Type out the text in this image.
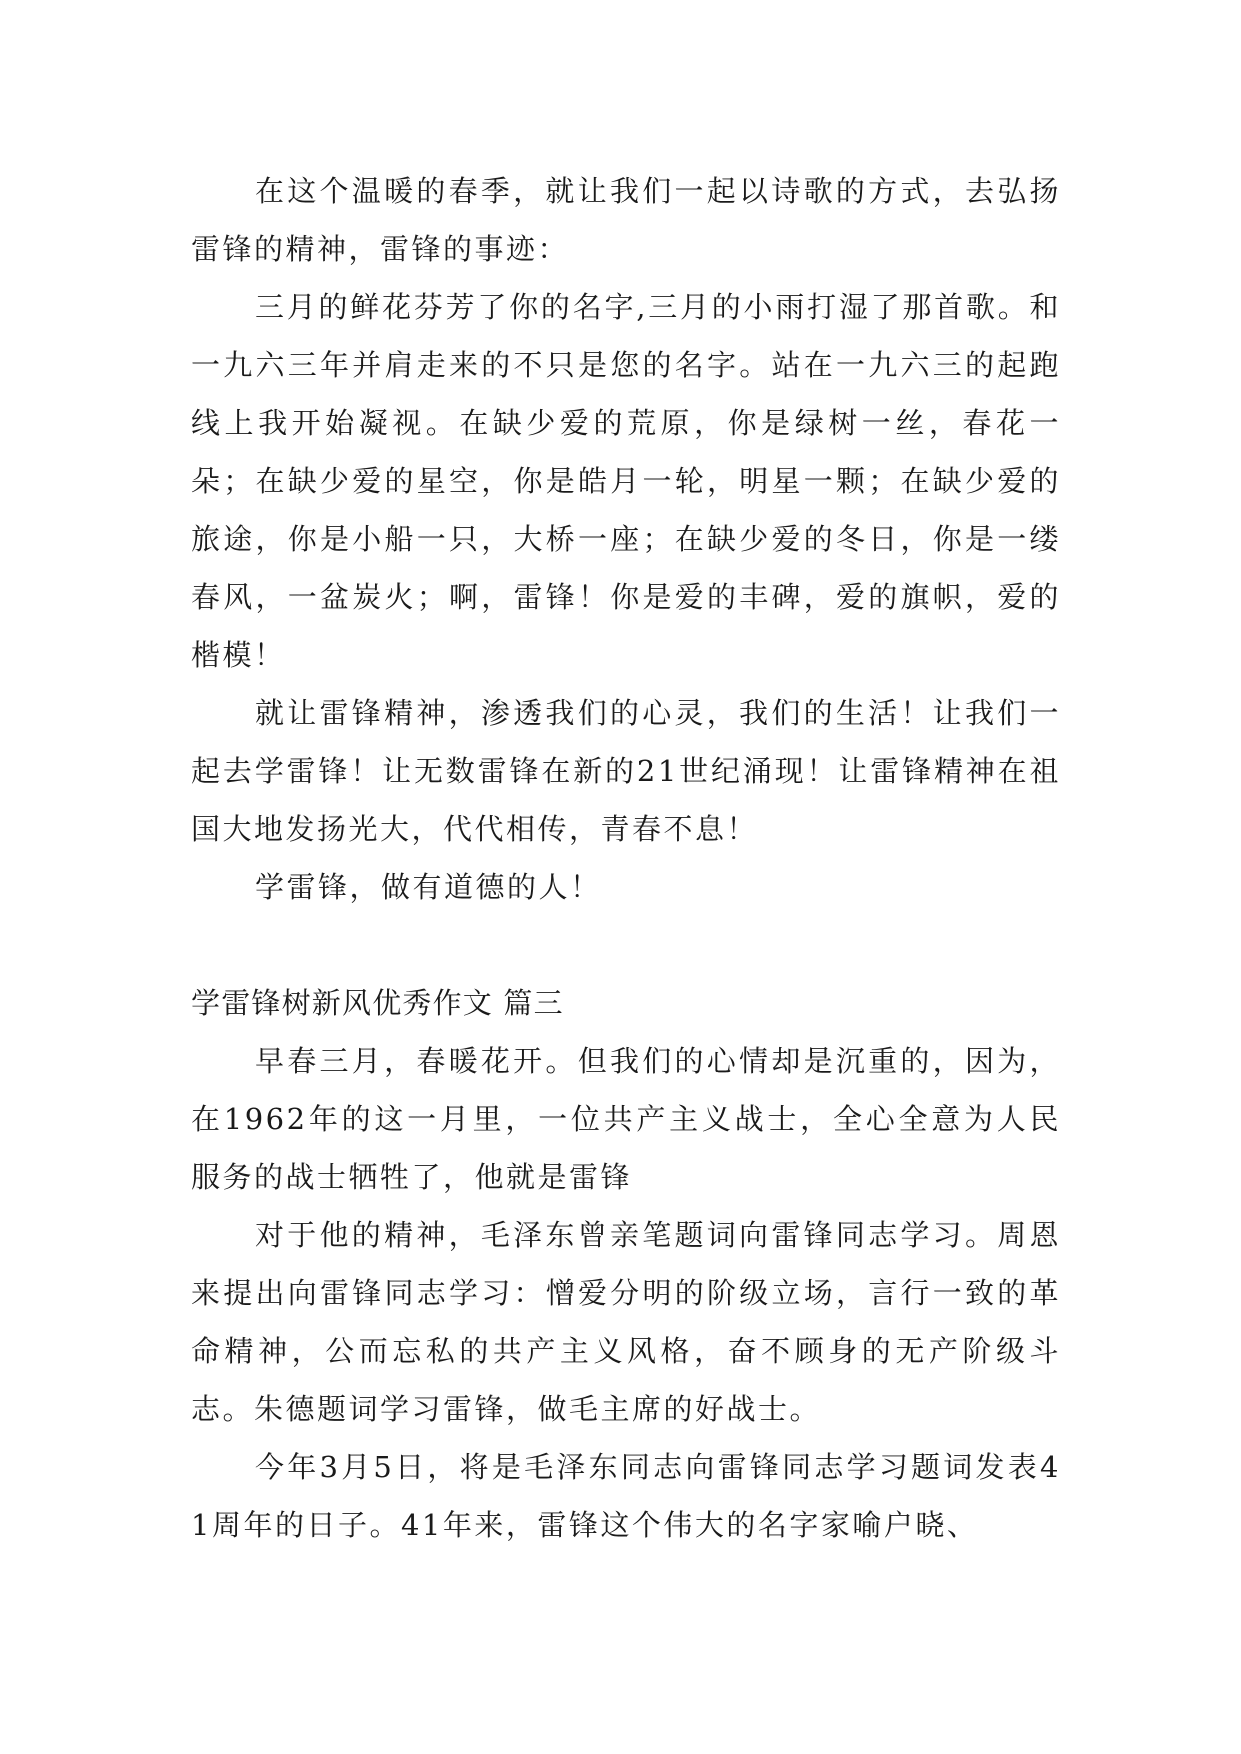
在这个温暖的春季，就让我们一起以诗歌的方式，去弘扬雷锋的精神，雷锋的事迹：

三月的鲜花芬芳了你的名字,三月的小雨打湿了那首歌。和一九六三年并肩走来的不只是您的名字。站在一九六三的起跑线上我开始凝视。在缺少爱的荒原，你是绿树一丝，春花一朵；在缺少爱的星空，你是皓月一轮，明星一颗；在缺少爱的旅途，你是小船一只，大桥一座；在缺少爱的冬日，你是一缕春风，一盆炭火；啊，雷锋！你是爱的丰碑，爱的旗帜，爱的楷模！

就让雷锋精神，渗透我们的心灵，我们的生活！让我们一起去学雷锋！让无数雷锋在新的21世纪涌现！让雷锋精神在祖国大地发扬光大，代代相传，青春不息！

学雷锋，做有道德的人！

学雷锋树新风优秀作文 篇三

早春三月，春暖花开。但我们的心情却是沉重的，因为，在1962年的这一月里，一位共产主义战士，全心全意为人民服务的战士牺牲了，他就是雷锋

对于他的精神，毛泽东曾亲笔题词向雷锋同志学习。周恩来提出向雷锋同志学习：憎爱分明的阶级立场，言行一致的革命精神，公而忘私的共产主义风格，奋不顾身的无产阶级斗志。朱德题词学习雷锋，做毛主席的好战士。

今年3月5日，将是毛泽东同志向雷锋同志学习题词发表41周年的日子。41年来，雷锋这个伟大的名字家喻户晓、
